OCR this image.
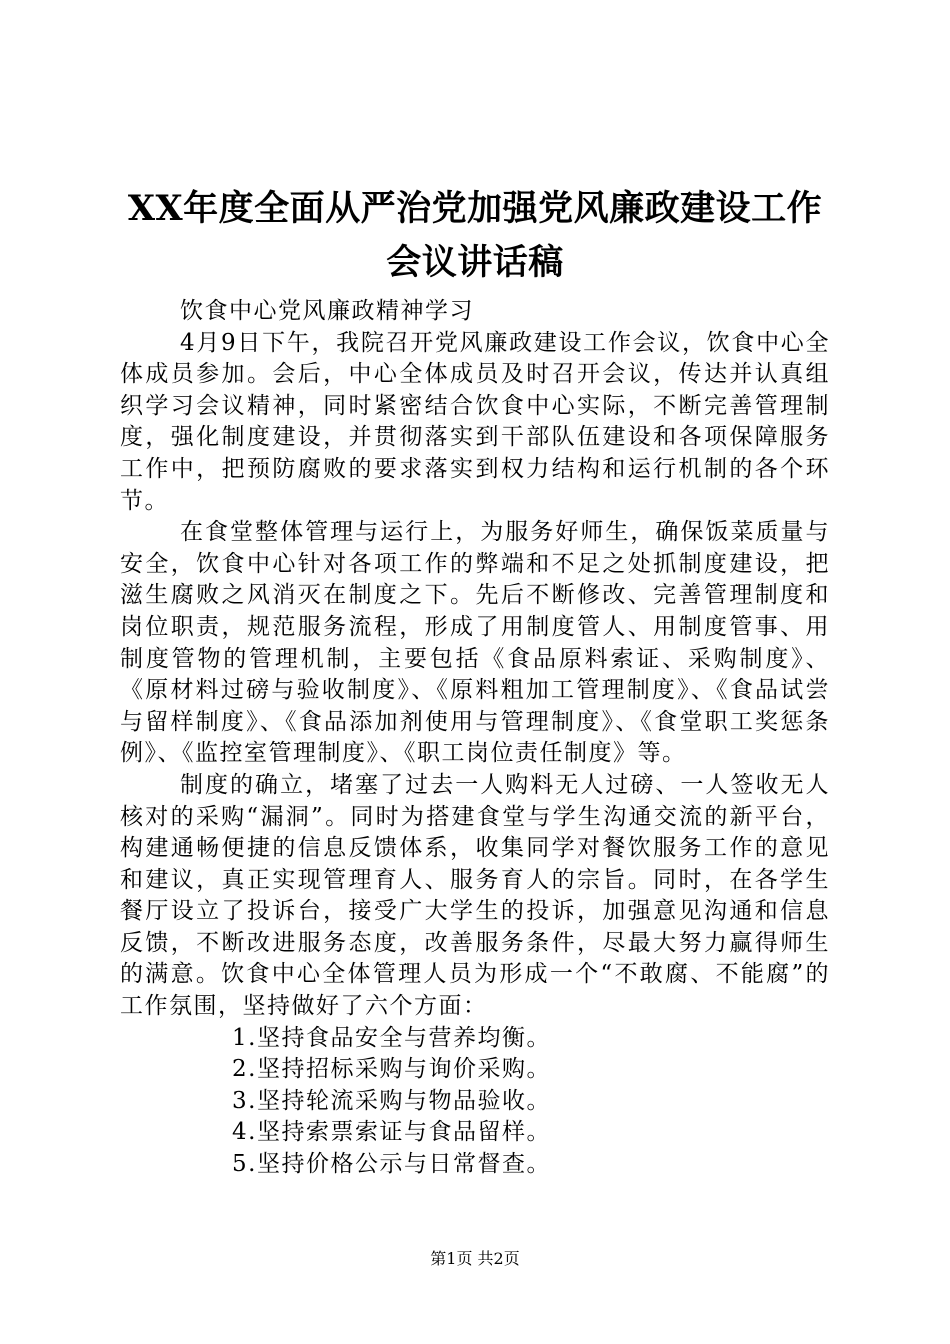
XX年度全面从严治党加强党风廉政建设工作

会议讲话稿

饮食中心党风廉政精神学习

4月9日下午，我院召开党风廉政建设工作会议，饮食中心全体成员参加。会后，中心全体成员及时召开会议，传达并认真组织学习会议精神，同时紧密结合饮食中心实际，不断完善管理制度，强化制度建设，并贯彻落实到干部队伍建设和各项保障服务工作中，把预防腐败的要求落实到权力结构和运行机制的各个环节。

在食堂整体管理与运行上，为服务好师生，确保饭菜质量与安全，饮食中心针对各项工作的弊端和不足之处抓制度建设，把滋生腐败之风消灭在制度之下。先后不断修改、完善管理制度和岗位职责，规范服务流程，形成了用制度管人、用制度管事、用制度管物的管理机制，主要包括《食品原料索证、采购制度》、《原材料过磅与验收制度》、《原料粗加工管理制度》、《食品试尝与留样制度》、《食品添加剂使用与管理制度》、《食堂职工奖惩条例》、《监控室管理制度》、《职工岗位责任制度》等。

制度的确立，堵塞了过去一人购料无人过磅、一人签收无人核对的采购“漏洞”。同时为搭建食堂与学生沟通交流的新平台，构建通畅便捷的信息反馈体系，收集同学对餐饮服务工作的意见和建议，真正实现管理育人、服务育人的宗旨。同时，在各学生餐厅设立了投诉台，接受广大学生的投诉，加强意见沟通和信息反馈，不断改进服务态度，改善服务条件，尽最大努力赢得师生的满意。饮食中心全体管理人员为形成一个“不敢腐、不能腐”的工作氛围，坚持做好了六个方面：

1.坚持食品安全与营养均衡。

2.坚持招标采购与询价采购。

3.坚持轮流采购与物品验收。

4.坚持索票索证与食品留样。

5.坚持价格公示与日常督查。

第1页 共2页
